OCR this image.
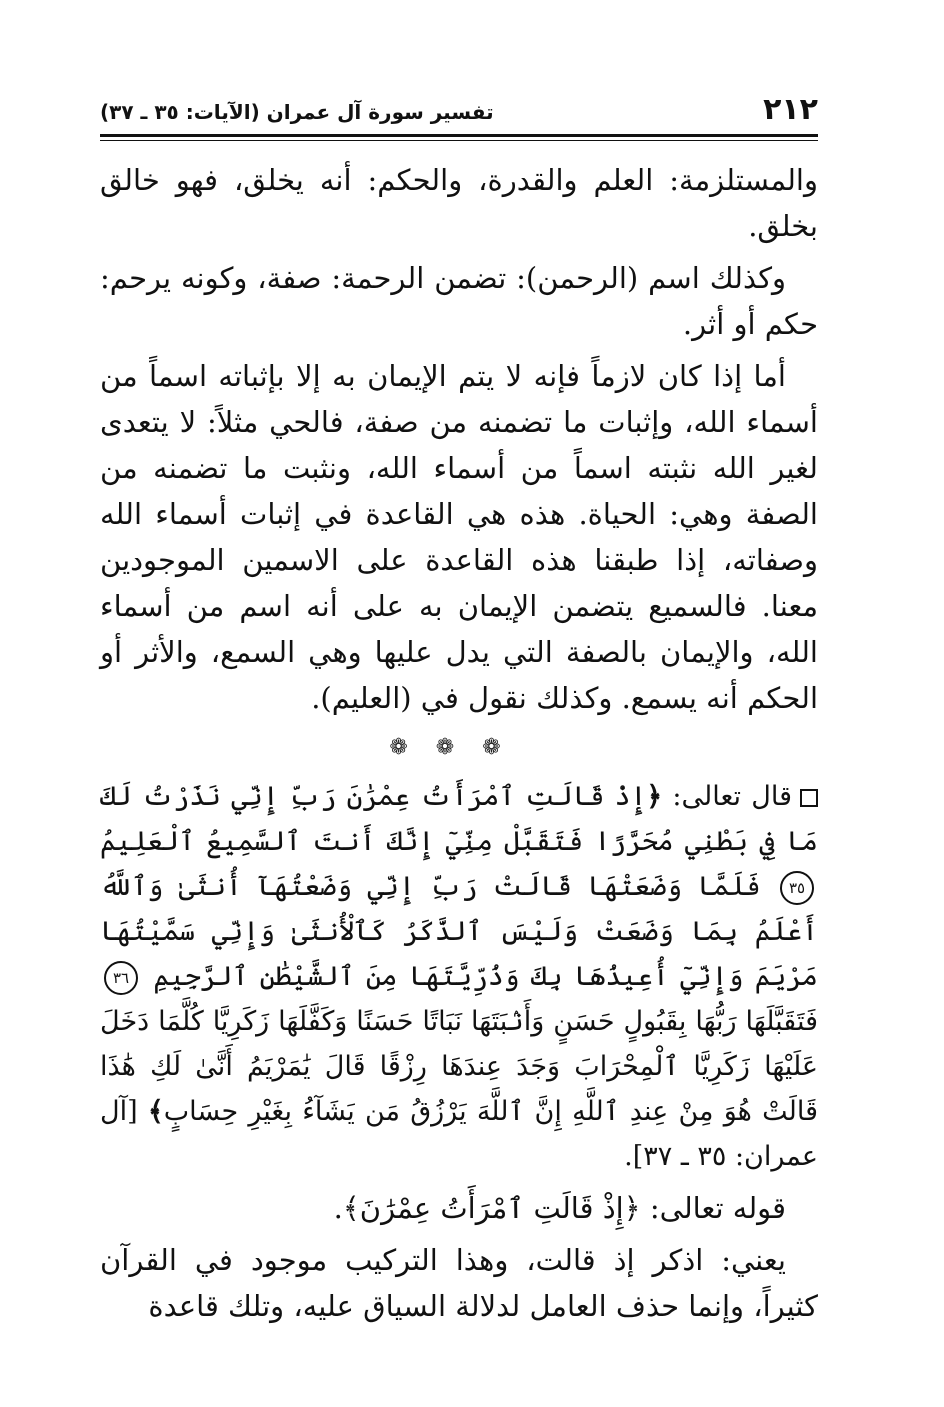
٢١٢
تفسير سورة آل عمران (الآيات: ٣٥ ـ ٣٧)

والمستلزمة: العلم والقدرة، والحكم: أنه يخلق، فهو خالق بخلق.

وكذلك اسم (الرحمن): تضمن الرحمة: صفة، وكونه يرحم: حكم أو أثر.

أما إذا كان لازماً فإنه لا يتم الإيمان به إلا بإثباته اسماً من أسماء الله، وإثبات ما تضمنه من صفة، فالحي مثلاً: لا يتعدى لغير الله نثبته اسماً من أسماء الله، ونثبت ما تضمنه من الصفة وهي: الحياة. هذه هي القاعدة في إثبات أسماء الله وصفاته، إذا طبقنا هذه القاعدة على الاسمين الموجودين معنا. فالسميع يتضمن الإيمان به على أنه اسم من أسماء الله، والإيمان بالصفة التي يدل عليها وهي السمع، والأثر أو الحكم أنه يسمع. وكذلك نقول في (العليم).

❁❁❁

قال تعالى: ﴿إِذْ قَالَتِ ٱمْرَأَتُ عِمْرَٰنَ رَبِّ إِنِّي نَذَرْتُ لَكَ مَا فِي بَطْنِي مُحَرَّرًا فَتَقَبَّلْ مِنِّيٓ إِنَّكَ أَنتَ ٱلسَّمِيعُ ٱلْعَلِيمُ ٣٥ فَلَمَّا وَضَعَتْهَا قَالَتْ رَبِّ إِنِّي وَضَعْتُهَآ أُنثَىٰ وَٱللَّهُ أَعْلَمُ بِمَا وَضَعَتْ وَلَيْسَ ٱلذَّكَرُ كَٱلْأُنثَىٰ وَإِنِّي سَمَّيْتُهَا مَرْيَمَ وَإِنِّيٓ أُعِيذُهَا بِكَ وَذُرِّيَّتَهَا مِنَ ٱلشَّيْطَٰنِ ٱلرَّجِيمِ ٣٦ فَتَقَبَّلَهَا رَبُّهَا بِقَبُولٍ حَسَنٍ وَأَنۢبَتَهَا نَبَاتًا حَسَنًا وَكَفَّلَهَا زَكَرِيَّا كُلَّمَا دَخَلَ عَلَيْهَا زَكَرِيَّا ٱلْمِحْرَابَ وَجَدَ عِندَهَا رِزْقًا قَالَ يَٰمَرْيَمُ أَنَّىٰ لَكِ هَٰذَا قَالَتْ هُوَ مِنْ عِندِ ٱللَّهِ إِنَّ ٱللَّهَ يَرْزُقُ مَن يَشَآءُ بِغَيْرِ حِسَابٍ﴾ [آل عمران: ٣٥ ـ ٣٧].

قوله تعالى: ﴿إِذْ قَالَتِ ٱمْرَأَتُ عِمْرَٰنَ﴾.

يعني: اذكر إذ قالت، وهذا التركيب موجود في القرآن كثيراً، وإنما حذف العامل لدلالة السياق عليه، وتلك قاعدة
